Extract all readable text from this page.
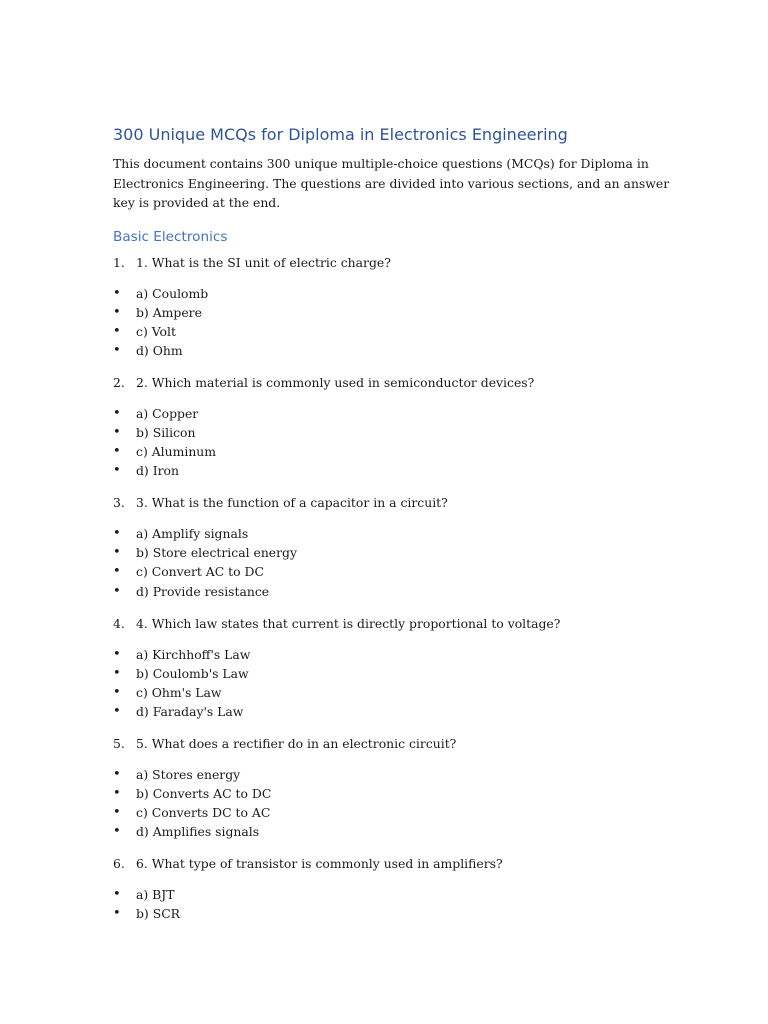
300 Unique MCQs for Diploma in Electronics Engineering

This document contains 300 unique multiple-choice questions (MCQs) for Diploma in Electronics Engineering. The questions are divided into various sections, and an answer key is provided at the end.

Basic Electronics
1. 1. What is the SI unit of electric charge?
•	a) Coulomb
•	b) Ampere
•	c) Volt
•	d) Ohm
2. 2. Which material is commonly used in semiconductor devices?
•	a) Copper
•	b) Silicon
•	c) Aluminum
•	d) Iron
3. 3. What is the function of a capacitor in a circuit?
•	a) Amplify signals
•	b) Store electrical energy
•	c) Convert AC to DC
•	d) Provide resistance
4. 4. Which law states that current is directly proportional to voltage?
•	a) Kirchhoff's Law
•	b) Coulomb's Law
•	c) Ohm's Law
•	d) Faraday's Law
5. 5. What does a rectifier do in an electronic circuit?
•	a) Stores energy
•	b) Converts AC to DC
•	c) Converts DC to AC
•	d) Amplifies signals
6. 6. What type of transistor is commonly used in amplifiers?
•	a) BJT
•	b) SCR
